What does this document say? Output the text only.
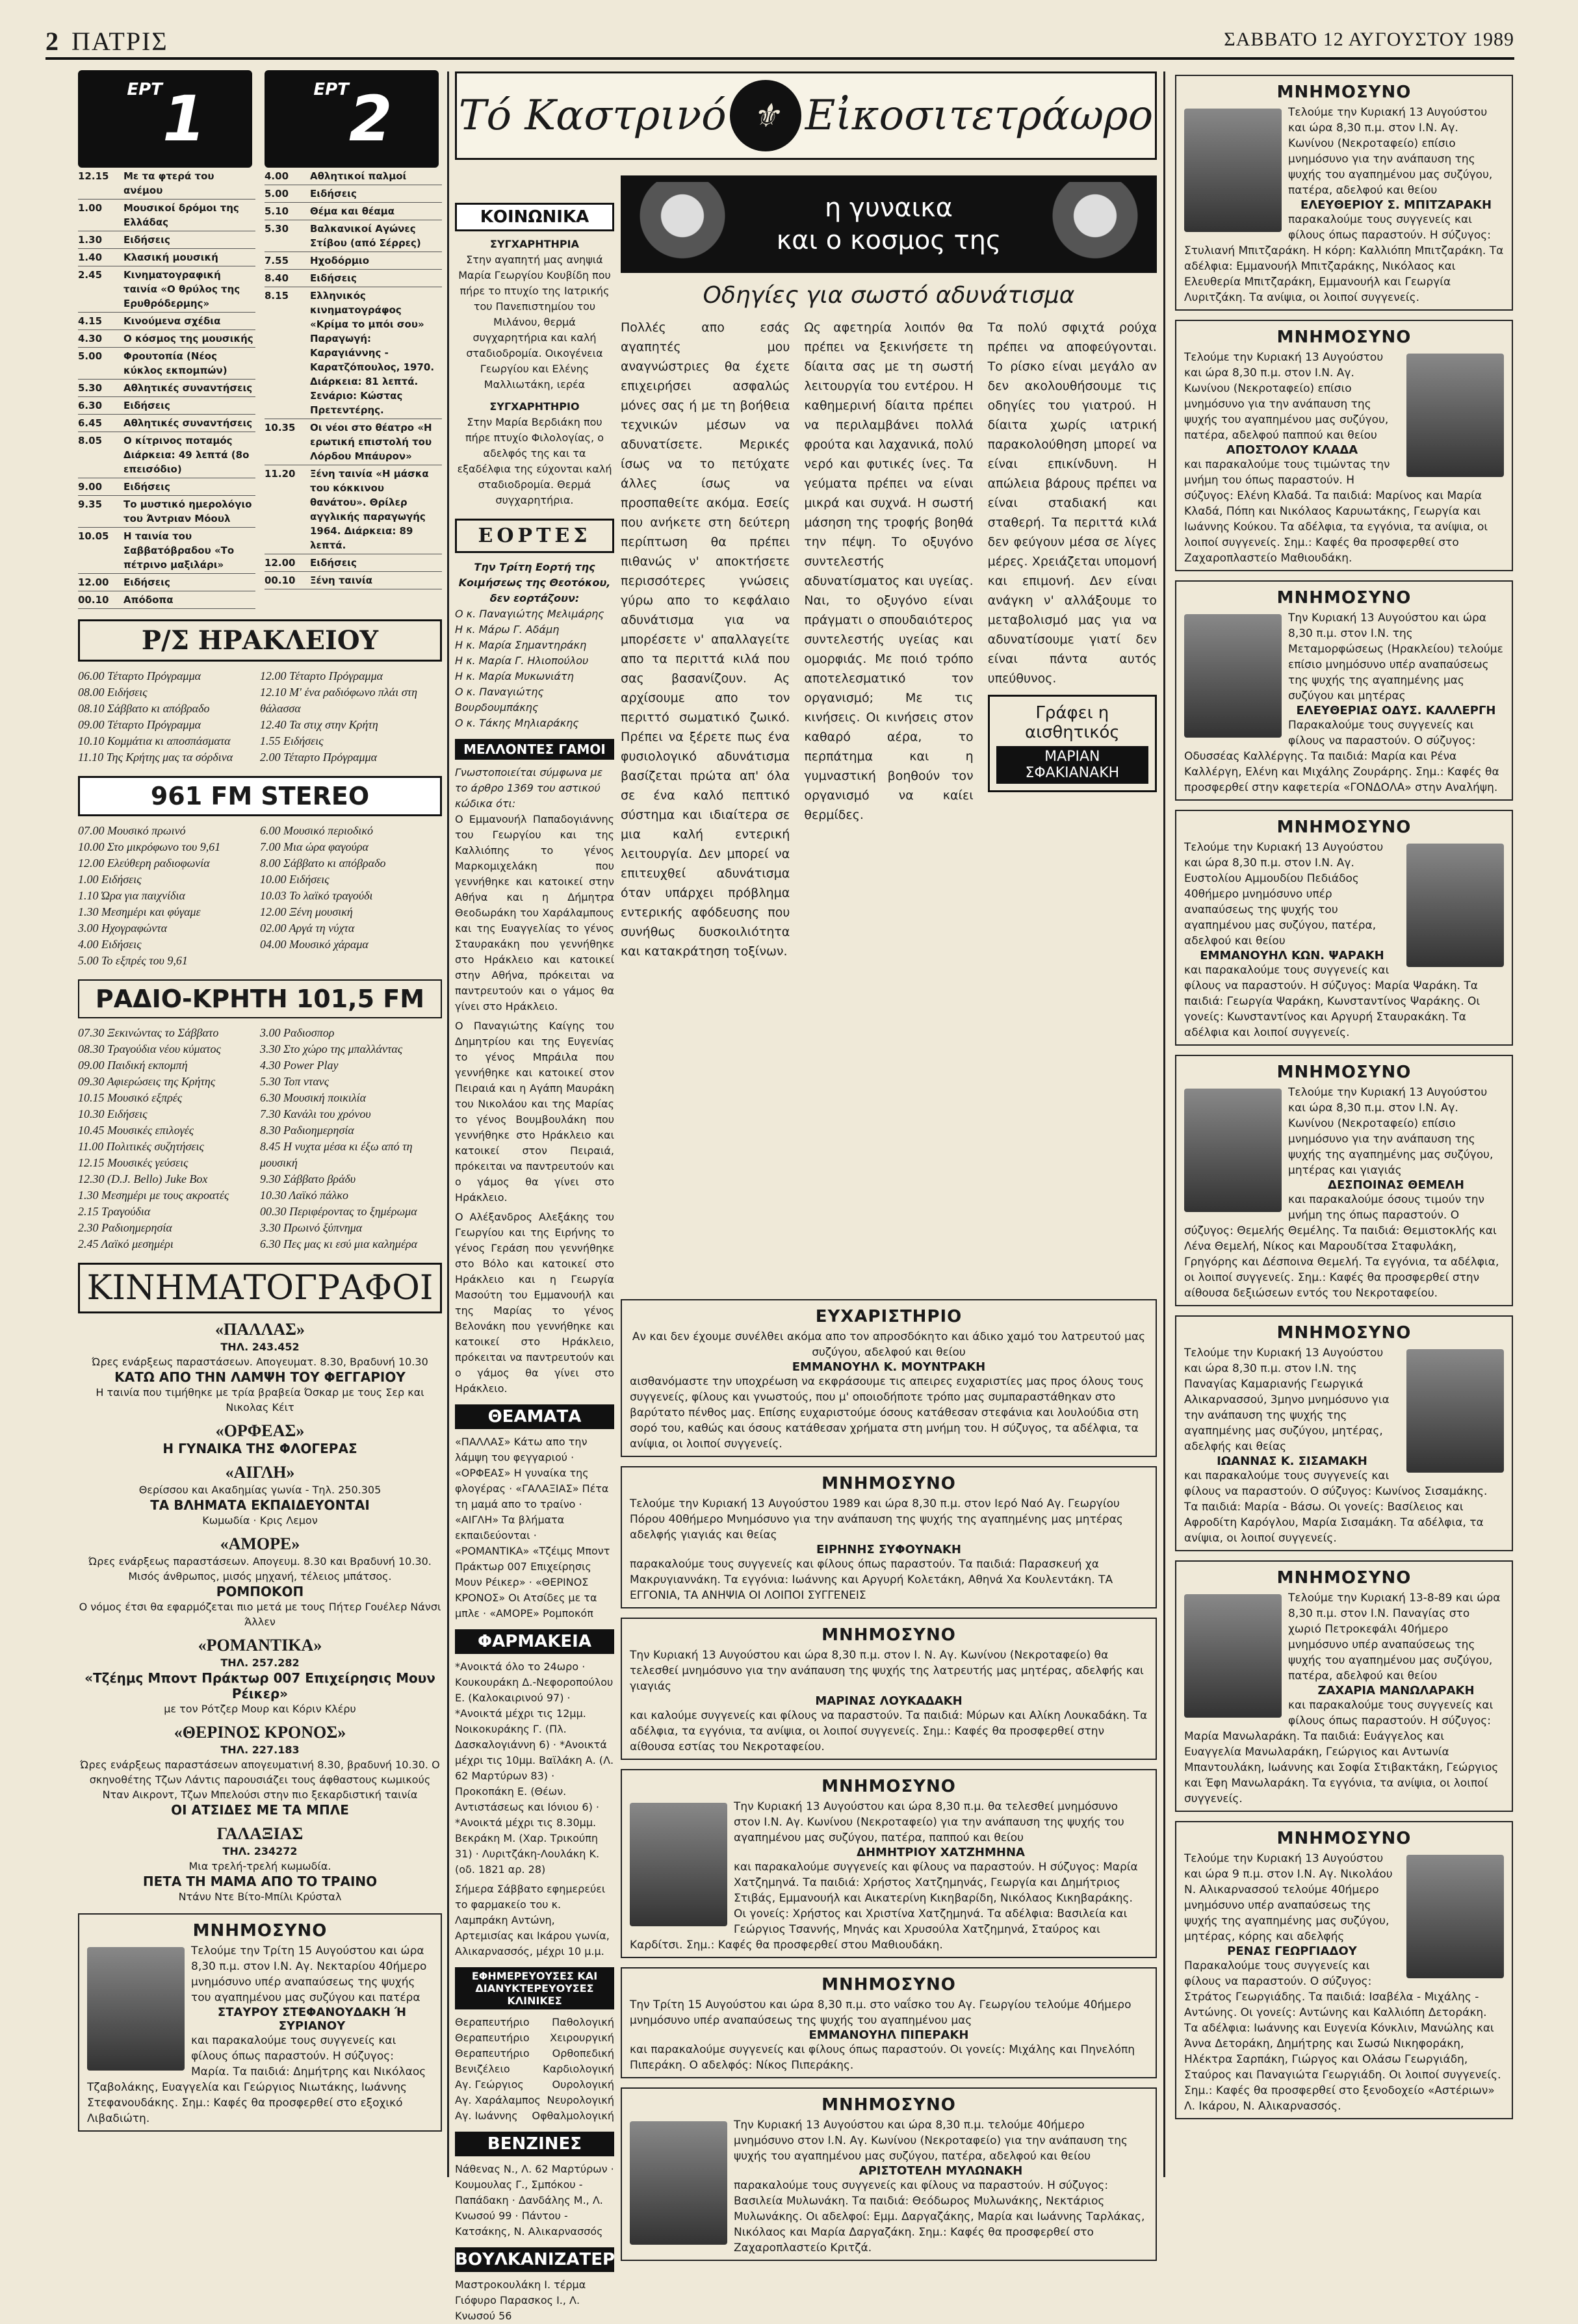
2 ΠΑΤΡΙΣ	ΣΑΒΒΑΤΟ 12 ΑΥΓΟΥΣΤΟΥ 1989
$^{EPT}$1
12.15	Με τα φτερά του ανέμου
1.00	Μουσικοί δρόμοι της Ελλάδας
1.30	Ειδήσεις
1.40	Κλασική μουσική
2.45	Κινηματογραφική ταινία «Ο θρύλος της Ερυθρόδερμης»
4.15	Κινούμενα σχέδια
4.30	Ο κόσμος της μουσικής
5.00	Φρουτοπία (Νέος κύκλος εκπομπών)
5.30	Αθλητικές συναντήσεις
6.30	Ειδήσεις
6.45	Αθλητικές συναντήσεις
8.05	Ο κίτρινος ποταμός Διάρκεια: 49 λεπτά (8ο επεισόδιο)
9.00	Ειδήσεις
9.35	Το μυστικό ημερολόγιο του Άντριαν Μόουλ
10.05	Η ταινία του Σαββατόβραδου «Το πέτρινο μαξιλάρι»
12.00	Ειδήσεις
00.10	Απόδοπα
$^{EPT}$2
4.00	Αθλητικοί παλμοί
5.00	Ειδήσεις
5.10	Θέμα και θέαμα
5.30	Βαλκανικοί Αγώνες Στίβου (από Σέρρες)
7.55	Ηχοδόρμιο
8.40	Ειδήσεις
8.15	Ελληνικός κινηματογράφος «Κρίμα το μπόι σου» Παραγωγή: Καραγιάννης - Καρατζόπουλος, 1970. Διάρκεια: 81 λεπτά. Σενάριο: Κώστας Πρετεντέρης.
10.35	Οι νέοι στο θέατρο «Η ερωτική επιστολή του Λόρδου Μπάυρον»
11.20	Ξένη ταινία «Η μάσκα του κόκκινου θανάτου». Θρίλερ αγγλικής παραγωγής 1964. Διάρκεια: 89 λεπτά.
12.00	Ειδήσεις
00.10	Ξένη ταινία
Ρ/Σ ΗΡΑΚΛΕΙΟΥ
06.00 Τέταρτο Πρόγραμμα
08.00 Ειδήσεις
08.10 Σάββατο κι απόβραδο
09.00 Τέταρτο Πρόγραμμα
10.10 Κομμάτια κι αποσπάσματα
11.10 Της Κρήτης μας τα σόρδινα
12.00 Τέταρτο Πρόγραμμα
12.10 Μ' ένα ραδιόφωνο πλάι στη θάλασσα
12.40 Τα στιχ στην Κρήτη
1.55 Ειδήσεις
2.00 Τέταρτο Πρόγραμμα
961 FM STEREO
07.00 Μουσικό πρωινό
10.00 Στο μικρόφωνο του 9,61
12.00 Ελεύθερη ραδιοφωνία
1.00 Ειδήσεις
1.10 Ώρα για παιχνίδια
1.30 Μεσημέρι και φύγαμε
3.00 Ηχογραφώντα
4.00 Ειδήσεις
5.00 Το εξπρές του 9,61
6.00 Μουσικό περιοδικό
7.00 Μια ώρα φαγούρα
8.00 Σάββατο κι απόβραδο
10.00 Ειδήσεις
10.03 Το λαϊκό τραγούδι
12.00 Ξένη μουσική
02.00 Αργά τη νύχτα
04.00 Μουσικό χάραμα
ΡΑΔΙΟ-ΚΡΗΤΗ 101,5 FM
07.30 Ξεκινώντας το Σάββατο
08.30 Τραγούδια νέου κύματος
09.00 Παιδική εκπομπή
09.30 Αφιερώσεις της Κρήτης
10.15 Μουσικό εξπρές
10.30 Ειδήσεις
10.45 Μουσικές επιλογές
11.00 Πολιτικές συζητήσεις
12.15 Μουσικές γεύσεις
12.30 (D.J. Bello) Juke Box
1.30 Μεσημέρι με τους ακροατές
2.15 Τραγούδια
2.30 Ραδιοημερησία
2.45 Λαϊκό μεσημέρι
3.00 Ραδιοσπορ
3.30 Στο χώρο της μπαλλάντας
4.30 Power Play
5.30 Τοπ ντανς
6.30 Μουσική ποικιλία
7.30 Κανάλι του χρόνου
8.30 Ραδιοημερησία
8.45 Η νυχτα μέσα κι έξω από τη μουσική
9.30 Σάββατο βράδυ
10.30 Λαϊκό πάλκο
00.30 Περιφέροντας το ξημέρωμα
3.30 Πρωινό ξύπνημα
6.30 Πες μας κι εσύ μια καλημέρα
ΚΙΝΗΜΑΤΟΓΡΑΦΟΙ
«ΠΑΛΛΑΣ»
ΤΗΛ. 243.452
Ώρες ενάρξεως παραστάσεων. Απογευματ. 8.30, Βραδυνή 10.30
ΚΑΤΩ ΑΠΟ ΤΗΝ ΛΑΜΨΗ ΤΟΥ ΦΕΓΓΑΡΙΟΥ
Η ταινία που τιμήθηκε με τρία βραβεία Όσκαρ με τους Σερ και Νικολας Κέιτ
«ΟΡΦΕΑΣ»
Η ΓΥΝΑΙΚΑ ΤΗΣ ΦΛΟΓΕΡΑΣ
«ΑΙΓΛΗ»
Θερίσσου και Ακαδημίας γωνία - Τηλ. 250.305
ΤΑ ΒΛΗΜΑΤΑ ΕΚΠΑΙΔΕΥΟΝΤΑΙ
Κωμωδία · Κρις Λεμον
«ΑΜΟΡΕ»
Ώρες ενάρξεως παραστάσεων. Απογευμ. 8.30 και Βραδυνή 10.30. Μισός άνθρωπος, μισός μηχανή, τέλειος μπάτσος.
ΡΟΜΠΟΚΟΠ
Ο νόμος έτσι θα εφαρμόζεται πιο μετά με τους Πήτερ Γουέλερ Νάνσι Άλλεν
«ΡΟΜΑΝΤΙΚΑ»
ΤΗΛ. 257.282
«Τζέημς Μποντ Πράκτωρ 007 Επιχείρησις Μουν Ρέικερ»
με τον Ρότζερ Μουρ και Κόριν Κλέρυ
«ΘΕΡΙΝΟΣ ΚΡΟΝΟΣ»
ΤΗΛ. 227.183
Ώρες ενάρξεως παραστάσεων απογευματινή 8.30, βραδυνή 10.30. Ο σκηνοθέτης Τζων Λάντις παρουσιάζει τους άφθαστους κωμικούς Νταν Αικροντ, Τζων Μπελούσι στην πιο ξεκαρδιστική ταινία
ΟΙ ΑΤΣΙΔΕΣ ΜΕ ΤΑ ΜΠΛΕ
ΓΑΛΑΞΙΑΣ
ΤΗΛ. 234272
Μια τρελή-τρελή κωμωδία.
ΠΕΤΑ ΤΗ ΜΑΜΑ ΑΠΟ ΤΟ ΤΡΑΙΝΟ
Ντάνυ Ντε Βίτο-Μπίλι Κρύσταλ
ΜΝΗΜΟΣΥΝΟ
Τελούμε την Τρίτη 15 Αυγούστου και ώρα 8,30 π.μ. στον Ι.Ν. Αγ. Νεκταρίου 40ήμερο μνημόσυνο υπέρ αναπαύσεως της ψυχής του αγαπημένου μας συζύγου και πατέρα
ΣΤΑΥΡΟΥ ΣΤΕΦΑΝΟΥΔΑΚΗ Ή ΣΥΡΙΑΝΟΥ
και παρακαλούμε τους συγγενείς και φίλους όπως παραστούν. Η σύζυγος: Μαρία. Τα παιδιά: Δημήτρης και Νικόλαος Τζαβολάκης, Ευαγγελία και Γεώργιος Νιωτάκης, Ιωάννης Στεφανουδάκης. Σημ.: Καφές θα προσφερθεί στο εξοχικό Λιβαδιώτη.
Τό Καστρινό ⚜ Εἰκοσιτετράωρο
ΚΟΙΝΩΝΙΚΑ
ΣΥΓΧΑΡΗΤΗΡΙΑ
Στην αγαπητή μας ανηψιά Μαρία Γεωργίου Κουβίδη που πήρε το πτυχίο της Ιατρικής του Πανεπιστημίου του Μιλάνου, θερμά συγχαρητήρια και καλή σταδιοδρομία. Οικογένεια Γεωργίου και Ελένης Μαλλιωτάκη, ιερέα
ΣΥΓΧΑΡΗΤΗΡΙΟ
Στην Μαρία Βερδιάκη που πήρε πτυχίο Φιλολογίας, ο αδελφός της και τα εξαδέλφια της εύχονται καλή σταδιοδρομία. Θερμά συγχαρητήρια.
ΕΟΡΤΕΣ
Την Τρίτη Εορτή της Κοιμήσεως της Θεοτόκου, δεν εορτάζουν:
Ο κ. Παναγιώτης Μελιμάρης
Η κ. Μάρω Γ. Αδάμη
Η κ. Μαρία Σημαντηράκη
Η κ. Μαρία Γ. Ηλιοπούλου
Η κ. Μαρία Μυκωνιάτη
Ο κ. Παναγιώτης Βουρδουμπάκης
Ο κ. Τάκης Μηλιαράκης
ΜΕΛΛΟΝΤΕΣ ΓΑΜΟΙ
Γνωστοποιείται σύμφωνα με το άρθρο 1369 του αστικού κώδικα ότι:
Ο Εμμανουήλ Παπαδογιάννης του Γεωργίου και της Καλλιόπης το γένος Μαρκομιχελάκη που γεννήθηκε και κατοικεί στην Αθήνα και η Δήμητρα Θεοδωράκη του Χαράλαμπους και της Ευαγγελίας το γένος Σταυρακάκη που γεννήθηκε στο Ηράκλειο και κατοικεί στην Αθήνα, πρόκειται να παντρευτούν και ο γάμος θα γίνει στο Ηράκλειο.
Ο Παναγιώτης Καίγης του Δημητρίου και της Ευγενίας το γένος Μπράιλα που γεννήθηκε και κατοικεί στον Πειραιά και η Αγάπη Μαυράκη του Νικολάου και της Μαρίας το γένος Βουμβουλάκη που γεννήθηκε στο Ηράκλειο και κατοικεί στον Πειραιά, πρόκειται να παντρευτούν και ο γάμος θα γίνει στο Ηράκλειο.
Ο Αλέξανδρος Αλεξάκης του Γεωργίου και της Ειρήνης το γένος Γεράση που γεννήθηκε στο Βόλο και κατοικεί στο Ηράκλειο και η Γεωργία Μασούτη του Εμμανουήλ και της Μαρίας το γένος Βελονάκη που γεννήθηκε και κατοικεί στο Ηράκλειο, πρόκειται να παντρευτούν και ο γάμος θα γίνει στο Ηράκλειο.
ΘΕΑΜΑΤΑ
«ΠΑΛΛΑΣ» Κάτω απο την λάμψη του φεγγαριού · «ΟΡΦΕΑΣ» Η γυναίκα της φλογέρας · «ΓΑΛΑΞΙΑΣ» Πέτα τη μαμά απο το τραίνο · «ΑΙΓΛΗ» Τα βλήματα εκπαιδεύονται · «ΡΟΜΑΝΤΙΚΑ» «Τζέιμς Μποντ Πράκτωρ 007 Επιχείρησις Μουν Ρέικερ» · «ΘΕΡΙΝΟΣ ΚΡΟΝΟΣ» Οι Ατσίδες με τα μπλε · «ΑΜΟΡΕ» Ρομποκόπ
ΦΑΡΜΑΚΕΙΑ
*Ανοικτά όλο το 24ωρο · Κουκουράκη Δ.-Νεφοροπούλου Ε. (Καλοκαιρινού 97) · *Ανοικτά μέχρι τις 12μμ. Νοικοκυράκης Γ. (Πλ. Δασκαλογιάννη 6) · *Ανοικτά μέχρι τις 10μμ. Βαϊλάκη Α. (Λ. 62 Μαρτύρων 83) · Προκοπάκη Ε. (Θέων. Αντιστάσεως και Ιόνιου 6) · *Ανοικτά μέχρι τις 8.30μμ. Βεκράκη Μ. (Χαρ. Τρικούπη 31) · Λυριτζάκη-Λουλάκη Κ. (οδ. 1821 αρ. 28)
Σήμερα Σάββατο εφημερεύει το φαρμακείο του κ. Λαμπράκη Αντώνη, Αρτεμισίας και Ικάρου γωνία, Αλικαρνασσός, μέχρι 10 μ.μ.
ΕΦΗΜΕΡΕΥΟΥΣΕΣ ΚΑΙ ΔΙΑΝΥΚΤΕΡΕΥΟΥΣΕΣ ΚΛΙΝΙΚΕΣ
Θεραπευτήριο Παθολογική
Θεραπευτήριο Χειρουργική
Θεραπευτήριο Ορθοπεδική
Βενιζέλειο	Καρδιολογική
Αγ. Γεώργιος	Ουρολογική
Αγ. Χαράλαμπος Νευρολογική
Αγ. Ιωάννης Οφθαλμολογική
ΒΕΝΖΙΝΕΣ
Νάθενας Ν., Λ. 62 Μαρτύρων · Κουμουλας Γ., Σμπόκου - Παπάδακη · Δανδάλης Μ., Λ. Κνωσού 99 · Πάντου - Κατσάκης, Ν. Αλικαρνασσός
ΒΟΥΛΚΑΝΙΖΑΤΕΡ
Μαστροκουλάκη Ι. τέρμα Γιόφυρο Παρασκος Ι., Λ. Κνωσού 56
η γυναικα
και ο κοσμος της
Οδηγίες για σωστό αδυνάτισμα
Πολλές απο εσάς αγαπητές μου αναγνώστριες θα έχετε επιχειρήσει ασφαλώς μόνες σας ή με τη βοήθεια τεχνικών μέσων να αδυνατίσετε. Μερικές ίσως να το πετύχατε άλλες ίσως να προσπαθείτε ακόμα. Εσείς που ανήκετε στη δεύτερη περίπτωση θα πρέπει πιθανώς ν' αποκτήσετε περισσότερες γνώσεις γύρω απο το κεφάλαιο αδυνάτισμα για να μπορέσετε ν' απαλλαγείτε απο τα περιττά κιλά που σας βασανίζουν. Ας αρχίσουμε απο τον περιττό σωματικό ζωικό. Πρέπει να ξέρετε πως ένα φυσιολογικό αδυνάτισμα βασίζεται πρώτα απ' όλα σε ένα καλό πεπτικό σύστημα και ιδιαίτερα σε μια καλή εντερική λειτουργία. Δεν μπορεί να επιτευχθεί αδυνάτισμα όταν υπάρχει πρόβλημα εντερικής αφόδευσης που συνήθως δυσκοιλιότητα και κατακράτηση τοξίνων.
Ως αφετηρία λοιπόν θα πρέπει να ξεκινήσετε τη δίαιτα σας με τη σωστή λειτουργία του εντέρου. Η καθημερινή δίαιτα πρέπει να περιλαμβάνει πολλά φρούτα και λαχανικά, πολύ νερό και φυτικές ίνες. Τα γεύματα πρέπει να είναι μικρά και συχνά. Η σωστή μάσηση της τροφής βοηθά την πέψη. Το οξυγόνο συντελεστής αδυνατίσματος και υγείας. Ναι, το οξυγόνο είναι πράγματι ο σπουδαιότερος συντελεστής υγείας και ομορφιάς. Με ποιό τρόπο αποτελεσματικό τον οργανισμό; Με τις κινήσεις. Οι κινήσεις στον καθαρό αέρα, το περπάτημα και η γυμναστική βοηθούν τον οργανισμό να καίει θερμίδες.
Τα πολύ σφιχτά ρούχα πρέπει να αποφεύγονται. Το ρίσκο είναι μεγάλο αν δεν ακολουθήσουμε τις οδηγίες του γιατρού. Η δίαιτα χωρίς ιατρική παρακολούθηση μπορεί να είναι επικίνδυνη. Η απώλεια βάρους πρέπει να είναι σταδιακή και σταθερή. Τα περιττά κιλά δεν φεύγουν μέσα σε λίγες μέρες. Χρειάζεται υπομονή και επιμονή. Δεν είναι ανάγκη ν' αλλάξουμε το μεταβολισμό μας για να αδυνατίσουμε γιατί δεν είναι πάντα αυτός υπεύθυνος.
Γράφει η αισθητικός
ΜΑΡΙΑΝ ΣΦΑΚΙΑΝΑΚΗ
ΕΥΧΑΡΙΣΤΗΡΙΟ
Αν και δεν έχουμε συνέλθει ακόμα απο τον απροσδόκητο και άδικο χαμό του λατρευτού μας συζύγου, αδελφού και θείου
ΕΜΜΑΝΟΥΗΛ Κ. ΜΟΥΝΤΡΑΚΗ
αισθανόμαστε την υποχρέωση να εκφράσουμε τις απειρες ευχαριστίες μας προς όλους τους συγγενείς, φίλους και γνωστούς, που μ' οποιοδήποτε τρόπο μας συμπαραστάθηκαν στο βαρύτατο πένθος μας. Επίσης ευχαριστούμε όσους κατάθεσαν στεφάνια και λουλούδια στη σορό του, καθώς και όσους κατάθεσαν χρήματα στη μνήμη του. Η σύζυγος, τα αδέλφια, τα ανίψια, οι λοιποί συγγενείς.
ΜΝΗΜΟΣΥΝΟ
Τελούμε την Κυριακή 13 Αυγούστου 1989 και ώρα 8,30 π.μ. στον Ιερό Ναό Αγ. Γεωργίου Πόρου 40θήμερο Μνημόσυνο για την ανάπαυση της ψυχής της αγαπημένης μας μητέρας αδελφής γιαγιάς και θείας
ΕΙΡΗΝΗΣ ΣΥΦΟΥΝΑΚΗ
παρακαλούμε τους συγγενείς και φίλους όπως παραστούν. Τα παιδιά: Παρασκευή χα Μακρυγιαννάκη. Τα εγγόνια: Ιωάννης και Αργυρή Κολετάκη, Αθηνά Χα Κουλεντάκη. ΤΑ ΕΓΓΟΝΙΑ, ΤΑ ΑΝΗΨΙΑ ΟΙ ΛΟΙΠΟΙ ΣΥΓΓΕΝΕΙΣ
ΜΝΗΜΟΣΥΝΟ
Την Κυριακή 13 Αυγούστου και ώρα 8,30 π.μ. στον Ι. Ν. Αγ. Κωνίνου (Νεκροταφείο) θα τελεσθεί μνημόσυνο για την ανάπαυση της ψυχής της λατρευτής μας μητέρας, αδελφής και γιαγιάς
ΜΑΡΙΝΑΣ ΛΟΥΚΑΔΑΚΗ
και καλούμε συγγενείς και φίλους να παραστούν. Τα παιδιά: Μύρων και Αλίκη Λουκαδάκη. Τα αδέλφια, τα εγγόνια, τα ανίψια, οι λοιποί συγγενείς. Σημ.: Καφές θα προσφερθεί στην αίθουσα εστίας του Νεκροταφείου.
ΜΝΗΜΟΣΥΝΟ
Την Κυριακή 13 Αυγούστου και ώρα 8,30 π.μ. θα τελεσθεί μνημόσυνο στον Ι.Ν. Αγ. Κωνίνου (Νεκροταφείο) για την ανάπαυση της ψυχής του αγαπημένου μας συζύγου, πατέρα, παππού και θείου
ΔΗΜΗΤΡΙΟΥ ΧΑΤΖΗΜΗΝΑ
και παρακαλούμε συγγενείς και φίλους να παραστούν. Η σύζυγος: Μαρία Χατζημηνά. Τα παιδιά: Χρήστος Χατζημηνάς, Γεωργία και Δημήτριος Στιβάς, Εμμανουήλ και Αικατερίνη Κικηβαρίδη, Νικόλαος Κικηβαράκης. Οι γονείς: Χρήστος και Χριστίνα Χατζημηνά. Τα αδέλφια: Βασιλεία και Γεώργιος Τσαννής, Μηνάς και Χρυσούλα Χατζημηνά, Σταύρος και Καρδίτσι. Σημ.: Καφές θα προσφερθεί στου Μαθιουδάκη.
ΜΝΗΜΟΣΥΝΟ
Την Τρίτη 15 Αυγούστου και ώρα 8,30 π.μ. στο ναΐσκο του Αγ. Γεωργίου τελούμε 40ήμερο μνημόσυνο υπέρ αναπαύσεως της ψυχής του αγαπημένου μας
ΕΜΜΑΝΟΥΗΛ ΠΙΠΕΡΑΚΗ
και παρακαλούμε συγγενείς και φίλους όπως παραστούν. Οι γονείς: Μιχάλης και Πηνελόπη Πιπεράκη. Ο αδελφός: Νίκος Πιπεράκης.
ΜΝΗΜΟΣΥΝΟ
Την Κυριακή 13 Αυγούστου και ώρα 8,30 π.μ. τελούμε 40ήμερο μνημόσυνο στον Ι.Ν. Αγ. Κωνίνου (Νεκροταφείο) για την ανάπαυση της ψυχής του αγαπημένου μας συζύγου, πατέρα, αδελφού και θείου
ΑΡΙΣΤΟΤΕΛΗ ΜΥΛΩΝΑΚΗ
παρακαλούμε τους συγγενείς και φίλους να παραστούν. Η σύζυγος: Βασιλεία Μυλωνάκη. Τα παιδιά: Θεόδωρος Μυλωνάκης, Νεκτάριος Μυλωνάκης. Οι αδελφοί: Εμμ. Δαργαζάκης, Μαρία και Ιωάννης Ταρλάκας, Νικόλαος και Μαρία Δαργαζάκη. Σημ.: Καφές θα προσφερθεί στο Ζαχαροπλαστείο Κριτζά.
ΜΝΗΜΟΣΥΝΟ
Τελούμε την Κυριακή 13 Αυγούστου και ώρα 8,30 π.μ. στον Ι.Ν. Αγ. Κωνίνου (Νεκροταφείο) επίσιο μνημόσυνο για την ανάπαυση της ψυχής του αγαπημένου μας συζύγου, πατέρα, αδελφού και θείου
ΕΛΕΥΘΕΡΙΟΥ Σ. ΜΠΙΤΖΑΡΑΚΗ
παρακαλούμε τους συγγενείς και φίλους όπως παραστούν. Η σύζυγος: Στυλιανή Μπιτζαράκη. Η κόρη: Καλλιόπη Μπιτζαράκη. Τα αδέλφια: Εμμανουήλ Μπιτζαράκης, Νικόλαος και Ελευθερία Μπιτζαράκη, Εμμανουήλ και Γεωργία Λυριτζάκη. Τα ανίψια, οι λοιποί συγγενείς.
ΜΝΗΜΟΣΥΝΟ
Τελούμε την Κυριακή 13 Αυγούστου και ώρα 8,30 π.μ. στον Ι.Ν. Αγ. Κωνίνου (Νεκροταφείο) επίσιο μνημόσυνο για την ανάπαυση της ψυχής του αγαπημένου μας συζύγου, πατέρα, αδελφού παππού και θείου
ΑΠΟΣΤΟΛΟΥ ΚΛΑΔΑ
και παρακαλούμε τους τιμώντας την μνήμη του όπως παραστούν. Η σύζυγος: Ελένη Κλαδά. Τα παιδιά: Μαρίνος και Μαρία Κλαδά, Πόπη και Νικόλαος Καρυωτάκης, Γεωργία και Ιωάννης Κούκου. Τα αδέλφια, τα εγγόνια, τα ανίψια, οι λοιποί συγγενείς. Σημ.: Καφές θα προσφερθεί στο Ζαχαροπλαστείο Μαθιουδάκη.
ΜΝΗΜΟΣΥΝΟ
Την Κυριακή 13 Αυγούστου και ώρα 8,30 π.μ. στον Ι.Ν. της Μεταμορφώσεως (Ηρακλείου) τελούμε επίσιο μνημόσυνο υπέρ αναπαύσεως της ψυχής της αγαπημένης μας συζύγου και μητέρας
ΕΛΕΥΘΕΡΙΑΣ ΟΔΥΣ. ΚΑΛΛΕΡΓΗ
Παρακαλούμε τους συγγενείς και φίλους να παραστούν. Ο σύζυγος: Οδυσσέας Καλλέργης. Τα παιδιά: Μαρία και Ρένα Καλλέργη, Ελένη και Μιχάλης Ζουράρης. Σημ.: Καφές θα προσφερθεί στην καφετερία «ΓΟΝΔΟΛΑ» στην Αναλήψη.
ΜΝΗΜΟΣΥΝΟ
Τελούμε την Κυριακή 13 Αυγούστου και ώρα 8,30 π.μ. στον Ι.Ν. Αγ. Ευστολίου Αμμουδίου Πεδιάδος 40θήμερο μνημόσυνο υπέρ αναπαύσεως της ψυχής του αγαπημένου μας συζύγου, πατέρα, αδελφού και θείου
ΕΜΜΑΝΟΥΗΛ ΚΩΝ. ΨΑΡΑΚΗ
και παρακαλούμε τους συγγενείς και φίλους να παραστούν. Η σύζυγος: Μαρία Ψαράκη. Τα παιδιά: Γεωργία Ψαράκη, Κωνσταντίνος Ψαράκης. Οι γονείς: Κωνσταντίνος και Αργυρή Σταυρακάκη. Τα αδέλφια και λοιποί συγγενείς.
ΜΝΗΜΟΣΥΝΟ
Τελούμε την Κυριακή 13 Αυγούστου και ώρα 8,30 π.μ. στον Ι.Ν. Αγ. Κωνίνου (Νεκροταφείο) επίσιο μνημόσυνο για την ανάπαυση της ψυχής της αγαπημένης μας συζύγου, μητέρας και γιαγιάς
ΔΕΣΠΟΙΝΑΣ ΘΕΜΕΛΗ
και παρακαλούμε όσους τιμούν την μνήμη της όπως παραστούν. Ο σύζυγος: Θεμελής Θεμέλης. Τα παιδιά: Θεμιστοκλής και Λένα Θεμελή, Νίκος και Μαρουδίτσα Σταφυλάκη, Γρηγόρης και Δέσποινα Θεμελή. Τα εγγόνια, τα αδέλφια, οι λοιποί συγγενείς. Σημ.: Καφές θα προσφερθεί στην αίθουσα δεξιώσεων εντός του Νεκροταφείου.
ΜΝΗΜΟΣΥΝΟ
Τελούμε την Κυριακή 13 Αυγούστου και ώρα 8,30 π.μ. στον Ι.Ν. της Παναγίας Καμαριανής Γεωργικά Αλικαρνασσού, 3μηνο μνημόσυνο για την ανάπαυση της ψυχής της αγαπημένης μας συζύγου, μητέρας, αδελφής και θείας
ΙΩΑΝΝΑΣ Κ. ΣΙΣΑΜΑΚΗ
και παρακαλούμε τους συγγενείς και φίλους να παραστούν. Ο σύζυγος: Κωνίνος Σισαμάκης. Τα παιδιά: Μαρία - Βάσω. Οι γονείς: Βασίλειος και Αφροδίτη Καρόγλου, Μαρία Σισαμάκη. Τα αδέλφια, τα ανίψια, οι λοιποί συγγενείς.
ΜΝΗΜΟΣΥΝΟ
Τελούμε την Κυριακή 13-8-89 και ώρα 8,30 π.μ. στον Ι.Ν. Παναγίας στο χωριό Πετροκεφάλι 40ήμερο μνημόσυνο υπέρ αναπαύσεως της ψυχής του αγαπημένου μας συζύγου, πατέρα, αδελφού και θείου
ΖΑΧΑΡΙΑ ΜΑΝΩΛΑΡΑΚΗ
και παρακαλούμε τους συγγενείς και φίλους όπως παραστούν. Η σύζυγος: Μαρία Μανωλαράκη. Τα παιδιά: Ευάγγελος και Ευαγγελία Μανωλαράκη, Γεώργιος και Αντωνία Μπαντουλάκη, Ιωάννης και Σοφία Στιβακτάκη, Γεώργιος και Έφη Μανωλαράκη. Τα εγγόνια, τα ανίψια, οι λοιποί συγγενείς.
ΜΝΗΜΟΣΥΝΟ
Τελούμε την Κυριακή 13 Αυγούστου και ώρα 9 π.μ. στον Ι.Ν. Αγ. Νικολάου Ν. Αλικαρνασσού τελούμε 40ήμερο μνημόσυνο υπέρ αναπαύσεως της ψυχής της αγαπημένης μας συζύγου, μητέρας, κόρης και αδελφής
ΡΕΝΑΣ ΓΕΩΡΓΙΑΔΟΥ
Παρακαλούμε τους συγγενείς και φίλους να παραστούν. Ο σύζυγος: Στράτος Γεωργιάδης. Τα παιδιά: Ισαβέλα - Μιχάλης - Αντώνης. Οι γονείς: Αντώνης και Καλλιόπη Δετοράκη. Τα αδέλφια: Ιωάννης και Ευγενία Κόνκλιν, Μανώλης και Άννα Δετοράκη, Δημήτρης και Σωσώ Νικηφοράκη, Ηλέκτρα Σαρπάκη, Γιώργος και Ολάσω Γεωργιάδη, Σταύρος και Παναγιώτα Γεωργιάδη. Οι λοιποί συγγενείς. Σημ.: Καφές θα προσφερθεί στο ξενοδοχείο «Αστέριων» Λ. Ικάρου, Ν. Αλικαρνασσός.
